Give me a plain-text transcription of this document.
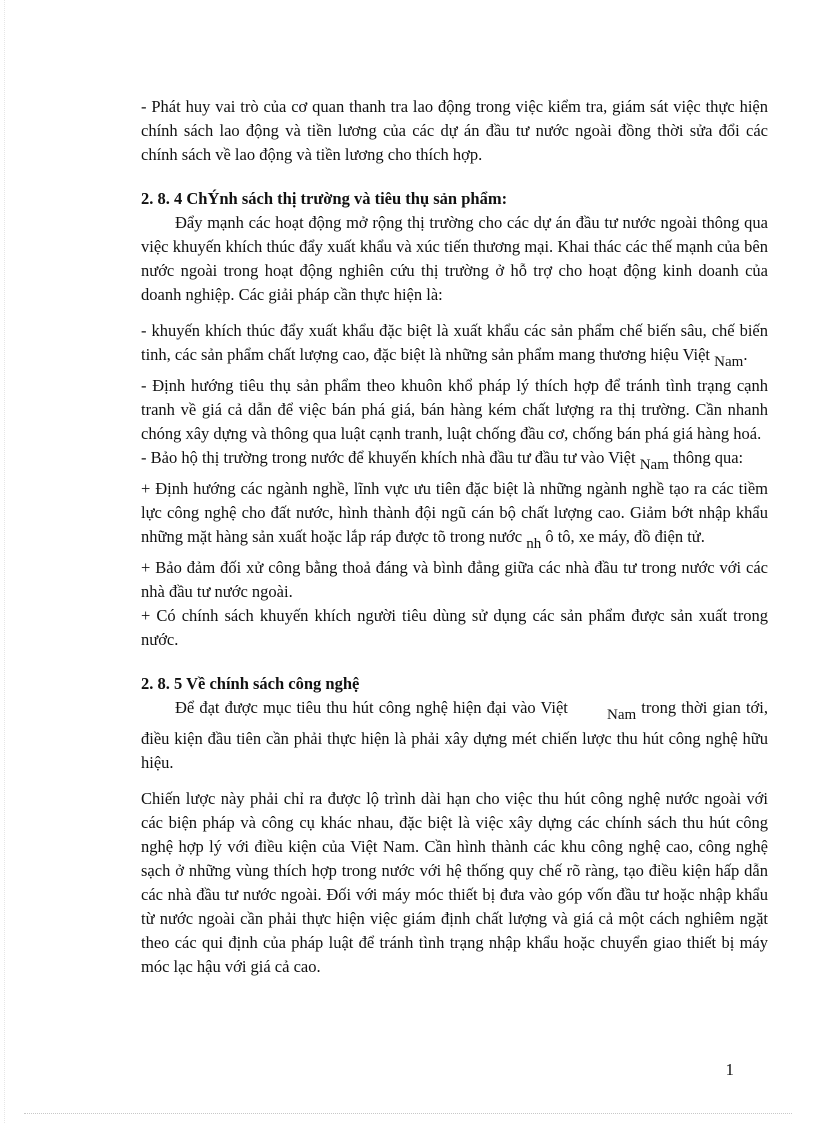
- Phát huy vai trò của cơ quan thanh tra lao động trong việc kiểm tra, giám sát việc thực hiện chính sách lao động và tiền lương của các dự án đầu tư nước ngoài đồng thời sửa đổi các chính sách về lao động và tiền lương cho thích hợp.

2. 8. 4 ChÝnh sách thị trường và tiêu thụ sản phẩm:

Đẩy mạnh các hoạt động mở rộng thị trường cho các dự án đầu tư nước ngoài thông qua việc khuyến khích thúc đẩy xuất khẩu và xúc tiến thương mại. Khai thác các thế mạnh của bên nước ngoài trong hoạt động nghiên cứu thị trường ở hỗ trợ cho hoạt động kinh doanh của doanh nghiệp. Các giải pháp cần thực hiện là:

- khuyến khích thúc đẩy xuất khẩu đặc biệt là xuất khẩu các sản phẩm chế biến sâu, chế biến tinh, các sản phẩm chất lượng cao, đặc biệt là những sản phẩm mang thương hiệu Việt Nam.

- Định hướng tiêu thụ sản phẩm theo khuôn khổ pháp lý thích hợp để tránh tình trạng cạnh tranh về giá cả dẫn để việc bán phá giá, bán hàng kém chất lượng ra thị trường. Cần nhanh chóng xây dựng và thông qua luật cạnh tranh, luật chống đầu cơ, chống bán phá giá hàng hoá.

- Bảo hộ thị trường trong nước để khuyến khích nhà đầu tư đầu tư vào Việt Nam thông qua:

+ Định hướng các ngành nghề, lĩnh vực ưu tiên đặc biệt là những ngành nghề tạo ra các tiềm lực công nghệ cho đất nước, hình thành đội ngũ cán bộ chất lượng cao. Giảm bớt nhập khẩu những mặt hàng sản xuất hoặc lắp ráp được tõ trong nước nh ô tô, xe máy, đồ điện tử.

+ Bảo đảm đối xử công bằng thoả đáng và bình đẳng giữa các nhà đầu tư trong nước với các nhà đầu tư nước ngoài.

+ Có chính sách khuyến khích người tiêu dùng sử dụng các sản phẩm được sản xuất trong nước.

2. 8. 5 Về chính sách công nghệ

Để đạt được mục tiêu thu hút công nghệ hiện đại vào Việt	Nam trong thời gian tới, điều kiện đầu tiên cần phải thực hiện là phải xây dựng mét chiến lược thu hút công nghệ hữu hiệu.

Chiến lược này phải chỉ ra được lộ trình dài hạn cho việc thu hút công nghệ nước ngoài với các biện pháp và công cụ khác nhau, đặc biệt là việc xây dựng các chính sách thu hút công nghệ hợp lý với điều kiện của Việt Nam. Cần hình thành các khu công nghệ cao, công nghệ sạch ở những vùng thích hợp trong nước với hệ thống quy chế rõ ràng, tạo điều kiện hấp dẫn các nhà đầu tư nước ngoài. Đối với máy móc thiết bị đưa vào góp vốn đầu tư hoặc nhập khẩu từ nước ngoài cần phải thực hiện việc giám định chất lượng và giá cả một cách nghiêm ngặt theo các qui định của pháp luật để tránh tình trạng nhập khẩu hoặc chuyển giao thiết bị máy móc lạc hậu với giá cả cao.

1
